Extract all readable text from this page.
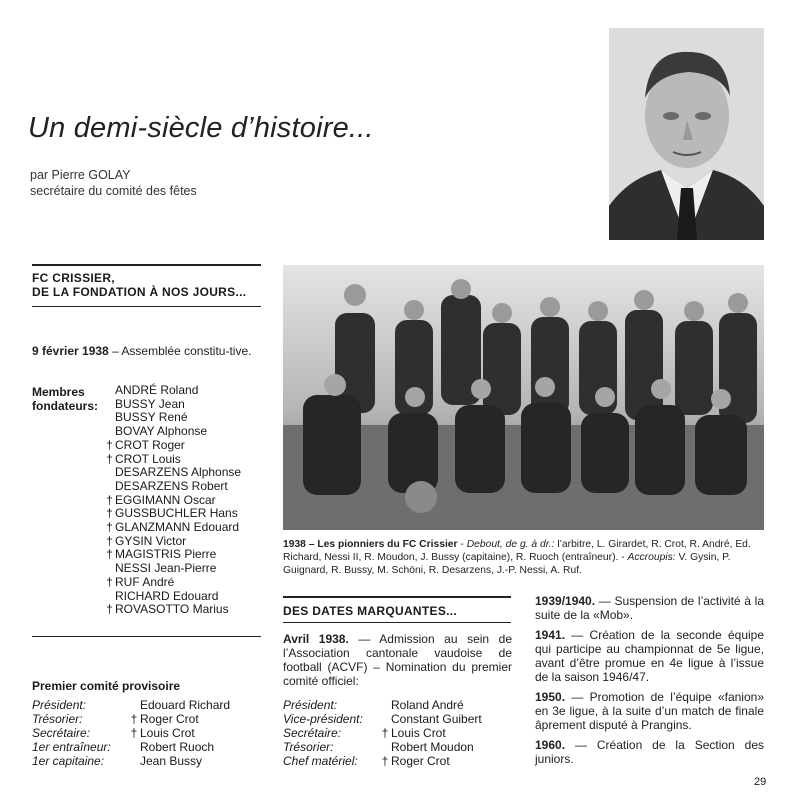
Un demi-siècle d’histoire...
par Pierre GOLAY
secrétaire du comité des fêtes
FC CRISSIER,
DE LA FONDATION À NOS JOURS...
9 février 1938 – Assemblée constitu-tive.
Membres
fondateurs:
ANDRÉ Roland
BUSSY Jean
BUSSY René
BOVAY Alphonse
† CROT Roger
† CROT Louis
DESARZENS Alphonse
DESARZENS Robert
† EGGIMANN Oscar
† GUSSBUCHLER Hans
† GLANZMANN Edouard
† GYSIN Victor
† MAGISTRIS Pierre
NESSI Jean-Pierre
† RUF André
RICHARD Edouard
† ROVASOTTO Marius
Premier comité provisoire
Président:	Edouard Richard
Trésorier:	† Roger Crot
Secrétaire:	† Louis Crot
1er entraîneur:	Robert Ruoch
1er capitaine:	Jean Bussy
1938 – Les pionniers du FC Crissier - Debout, de g. à dr.: l’arbitre, L. Girardet, R. Crot, R. André, Ed. Richard, Nessi II, R. Moudon, J. Bussy (capitaine), R. Ruoch (entraîneur). - Accroupis: V. Gysin, P. Guignard, R. Bussy, M. Schöni, R. Desarzens, J.-P. Nessi, A. Ruf.
DES DATES MARQUANTES...
Avril 1938. — Admission au sein de l’Association cantonale vaudoise de football (ACVF) – Nomination du premier comité officiel:
Président:	Roland André
Vice-président:	Constant Guibert
Secrétaire:	† Louis Crot
Trésorier:	Robert Moudon
Chef matériel:	† Roger Crot
1939/1940. — Suspension de l’activité à la suite de la «Mob».
1941. — Création de la seconde équipe qui participe au championnat de 5e ligue, avant d’être promue en 4e ligue à l’issue de la saison 1946/47.
1950. — Promotion de l’équipe «fanion» en 3e ligue, à la suite d’un match de finale âprement disputé à Prangins.
1960. — Création de la Section des juniors.
29
